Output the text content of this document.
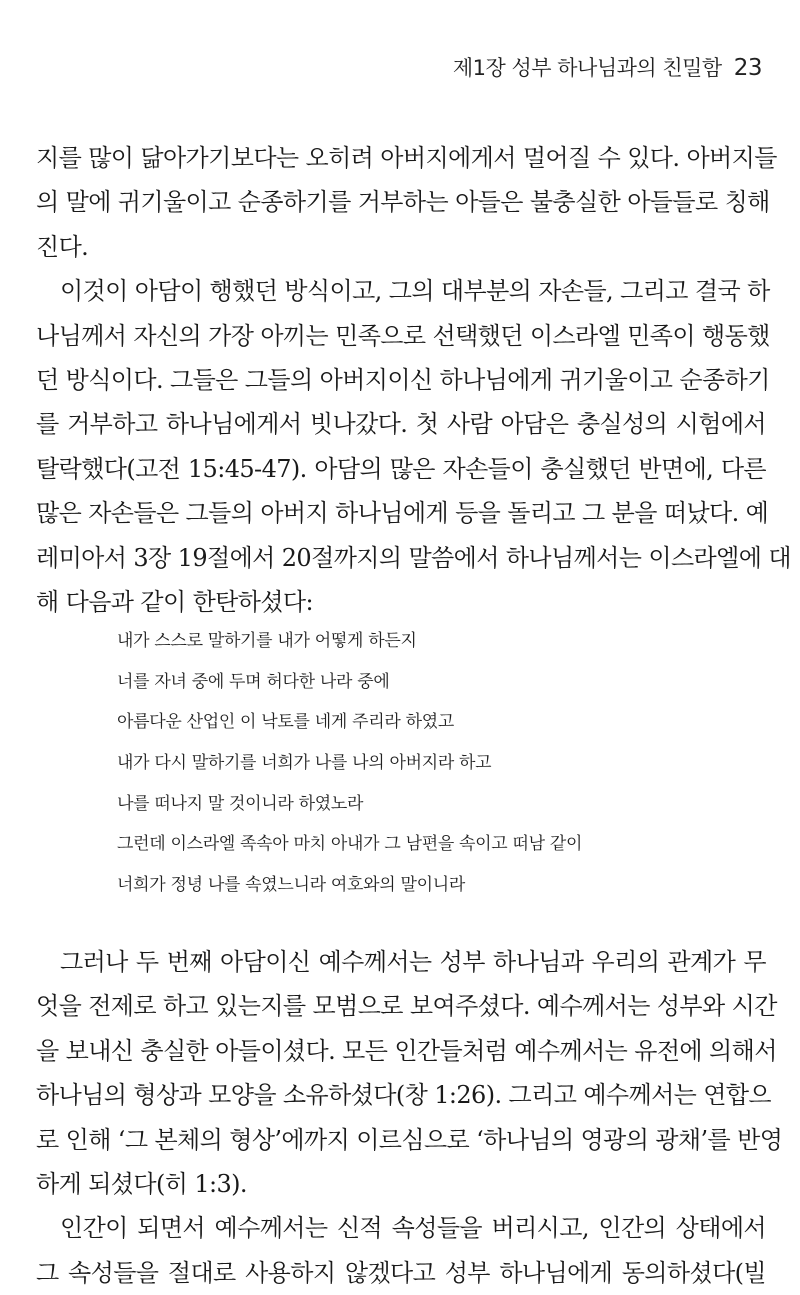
제1장 성부 하나님과의 친밀함 23
지를 많이 닮아가기보다는 오히려 아버지에게서 멀어질 수 있다. 아버지들
의 말에 귀기울이고 순종하기를 거부하는 아들은 불충실한 아들들로 칭해
진다.
이것이 아담이 행했던 방식이고, 그의 대부분의 자손들, 그리고 결국 하
나님께서 자신의 가장 아끼는 민족으로 선택했던 이스라엘 민족이 행동했
던 방식이다. 그들은 그들의 아버지이신 하나님에게 귀기울이고 순종하기
를 거부하고 하나님에게서 빗나갔다. 첫 사람 아담은 충실성의 시험에서
탈락했다(고전 15:45-47). 아담의 많은 자손들이 충실했던 반면에, 다른
많은 자손들은 그들의 아버지 하나님에게 등을 돌리고 그 분을 떠났다. 예
레미아서 3장 19절에서 20절까지의 말씀에서 하나님께서는 이스라엘에 대
해 다음과 같이 한탄하셨다:
내가 스스로 말하기를 내가 어떻게 하든지
너를 자녀 중에 두며 허다한 나라 중에
아름다운 산업인 이 낙토를 네게 주리라 하였고
내가 다시 말하기를 너희가 나를 나의 아버지라 하고
나를 떠나지 말 것이니라 하였노라
그런데 이스라엘 족속아 마치 아내가 그 남편을 속이고 떠남 같이
너희가 정녕 나를 속였느니라 여호와의 말이니라
그러나 두 번째 아담이신 예수께서는 성부 하나님과 우리의 관계가 무
엇을 전제로 하고 있는지를 모범으로 보여주셨다. 예수께서는 성부와 시간
을 보내신 충실한 아들이셨다. 모든 인간들처럼 예수께서는 유전에 의해서
하나님의 형상과 모양을 소유하셨다(창 1:26). 그리고 예수께서는 연합으
로 인해 ‘그 본체의 형상’에까지 이르심으로 ‘하나님의 영광의 광채’를 반영
하게 되셨다(히 1:3).
인간이 되면서 예수께서는 신적 속성들을 버리시고, 인간의 상태에서
그 속성들을 절대로 사용하지 않겠다고 성부 하나님에게 동의하셨다(빌
